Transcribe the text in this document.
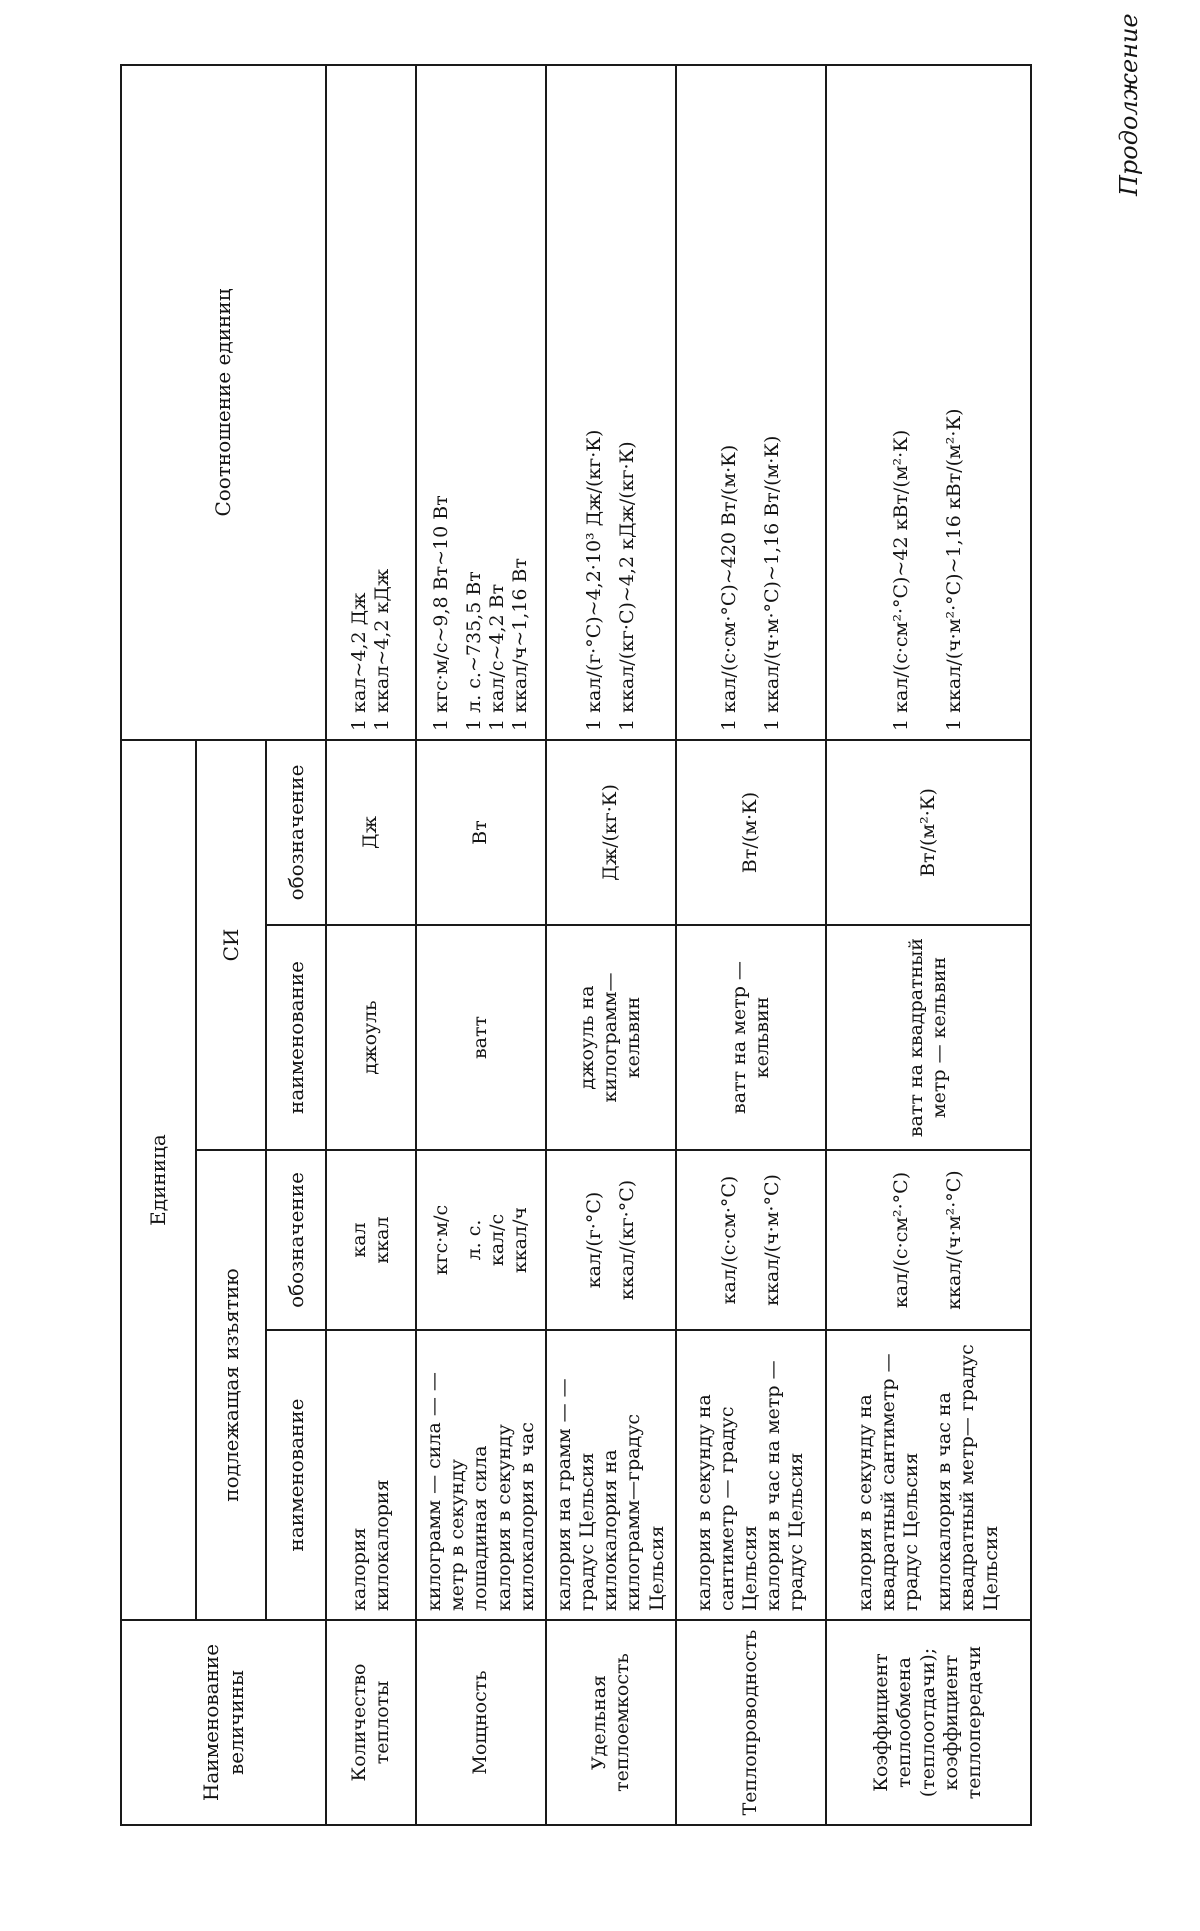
Продолжение
Наименование величины	Единица				Соотношение единиц
	подлежащая изъятию		СИ		
	наименование	обозначение	наименование	обозначение	
Количество теплоты	калория килокалория	кал ккал	джоуль	Дж	1 кал~4,2 Дж 1 ккал~4,2 кДж

Мощность	килограмм — сила — — метр в секунду лошадиная сила калория в секунду килокалория в час	кгс·м/с л. с. кал/с ккал/ч	ватт	Вт	1 кгс·м/с~9,8 Вт~10 Вт 1 л. с.~735,5 Вт 1 кал/с~4,2 Вт 1 ккал/ч~1,16 Вт

Удельная теплоемкость	калория на грамм — —градус Цельсия килокалория на килограмм—градус Цельсия	кал/(г·°С) ккал/(кг·°С)	джоуль на килограмм— кельвин	Дж/(кг·К)	1 кал/(г·°С)~4,2·10³ Дж/(кг·К) 1 ккал/(кг·С)~4,2 кДж/(кг·К)

Теплопроводность	калория в секунду на сантиметр — градус Цельсия калория в час на метр — градус Цельсия	кал/(с·см·°С) ккал/(ч·м·°С)	ватт на метр — кельвин	Вт/(м·К)	1 кал/(с·см·°С)~420 Вт/(м·К) 1 ккал/(ч·м·°С)~1,16 Вт/(м·К)

Коэффициент теплообмена (теплоотдачи); коэффициент теплопередачи	калория в секунду на квадратный сантиметр — градус Цельсия килокалория в час на квадратный метр— градус Цельсия	кал/(с·см²·°С) ккал/(ч·м²·°С)	ватт на квадратный метр — кельвин	Вт/(м²·К)	1 кал/(с·см²·°С)~42 кВт/(м²·К) 1 ккал/(ч·м²·°С)~1,16 кВт/(м²·К)
